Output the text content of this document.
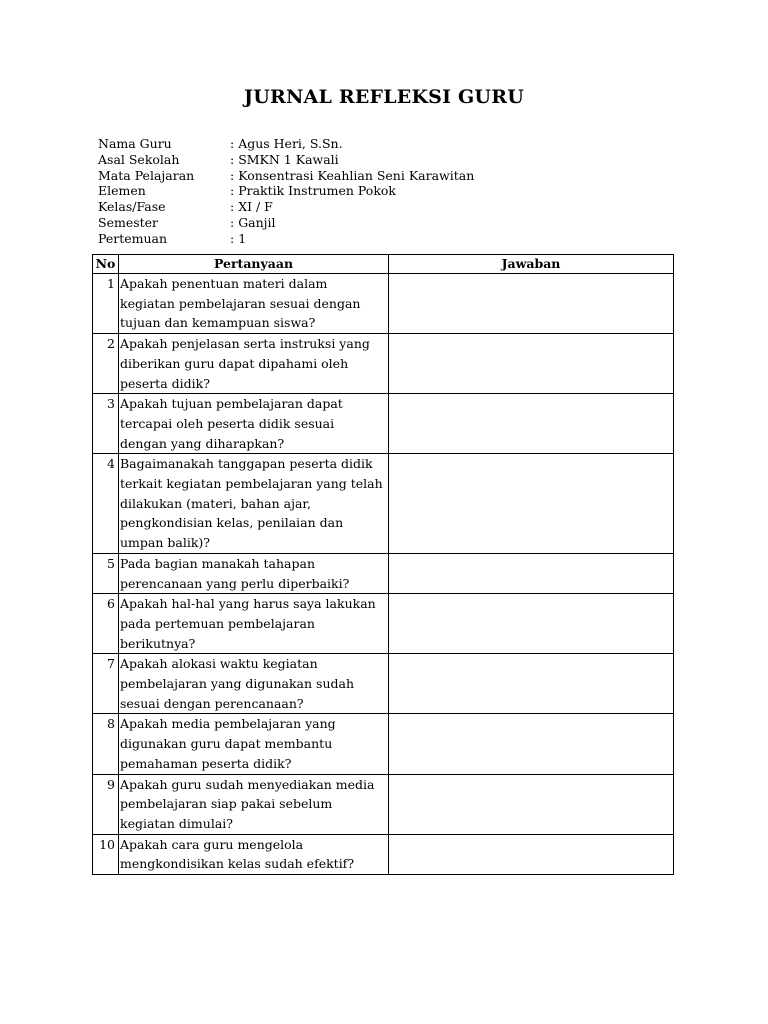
JURNAL REFLEKSI GURU
Nama Guru	: Agus Heri, S.Sn.
Asal Sekolah	: SMKN 1 Kawali
Mata Pelajaran	: Konsentrasi Keahlian Seni Karawitan
Elemen	: Praktik Instrumen Pokok
Kelas/Fase	: XI / F
Semester	: Ganjil
Pertemuan	: 1
No	Pertanyaan	Jawaban
1	Apakah penentuan materi dalam kegiatan pembelajaran sesuai dengan tujuan dan kemampuan siswa?	
2	Apakah penjelasan serta instruksi yang diberikan guru dapat dipahami oleh peserta didik?	
3	Apakah tujuan pembelajaran dapat tercapai oleh peserta didik sesuai dengan yang diharapkan?	
4	Bagaimanakah tanggapan peserta didik terkait kegiatan pembelajaran yang telah dilakukan (materi, bahan ajar, pengkondisian kelas, penilaian dan umpan balik)?	
5	Pada bagian manakah tahapan perencanaan yang perlu diperbaiki?	
6	Apakah hal-hal yang harus saya lakukan pada pertemuan pembelajaran berikutnya?	
7	Apakah alokasi waktu kegiatan pembelajaran yang digunakan sudah sesuai dengan perencanaan?	
8	Apakah media pembelajaran yang digunakan guru dapat membantu pemahaman peserta didik?	
9	Apakah guru sudah menyediakan media pembelajaran siap pakai sebelum kegiatan dimulai?	
10	Apakah cara guru mengelola mengkondisikan kelas sudah efektif?	
